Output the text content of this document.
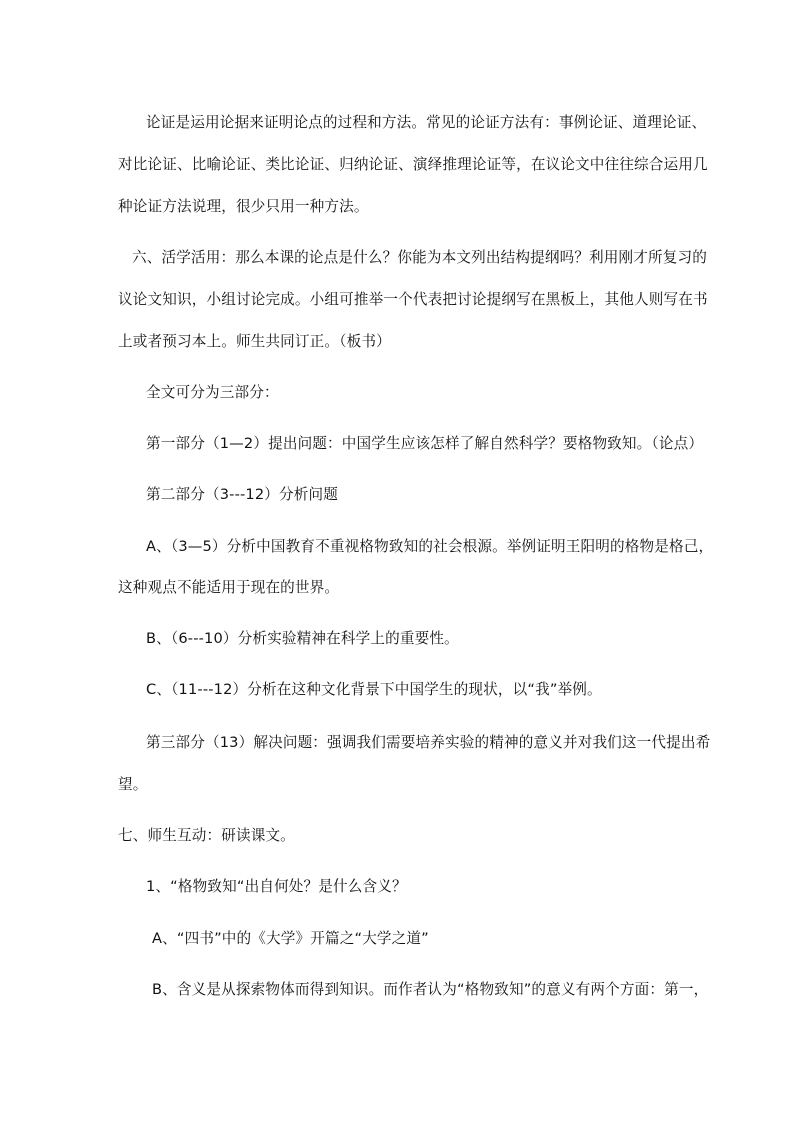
论证是运用论据来证明论点的过程和方法。常见的论证方法有：事例论证、道理论证、
对比论证、比喻论证、类比论证、归纳论证、演绎推理论证等，在议论文中往往综合运用几
种论证方法说理，很少只用一种方法。
六、活学活用：那么本课的论点是什么？你能为本文列出结构提纲吗？利用刚才所复习的
议论文知识，小组讨论完成。小组可推举一个代表把讨论提纲写在黑板上，其他人则写在书
上或者预习本上。师生共同订正。（板书）
全文可分为三部分：
第一部分（1—2）提出问题：中国学生应该怎样了解自然科学？要格物致知。（论点）
第二部分（3---12）分析问题
A、（3—5）分析中国教育不重视格物致知的社会根源。举例证明王阳明的格物是格己，
这种观点不能适用于现在的世界。
B、（6---10）分析实验精神在科学上的重要性。
C、（11---12）分析在这种文化背景下中国学生的现状，以“我”举例。
第三部分（13）解决问题：强调我们需要培养实验的精神的意义并对我们这一代提出希
望。
七、师生互动：研读课文。
1、“格物致知“出自何处？是什么含义？
A、“四书”中的《大学》开篇之“大学之道”
B、含义是从探索物体而得到知识。而作者认为“格物致知”的意义有两个方面：第一，
